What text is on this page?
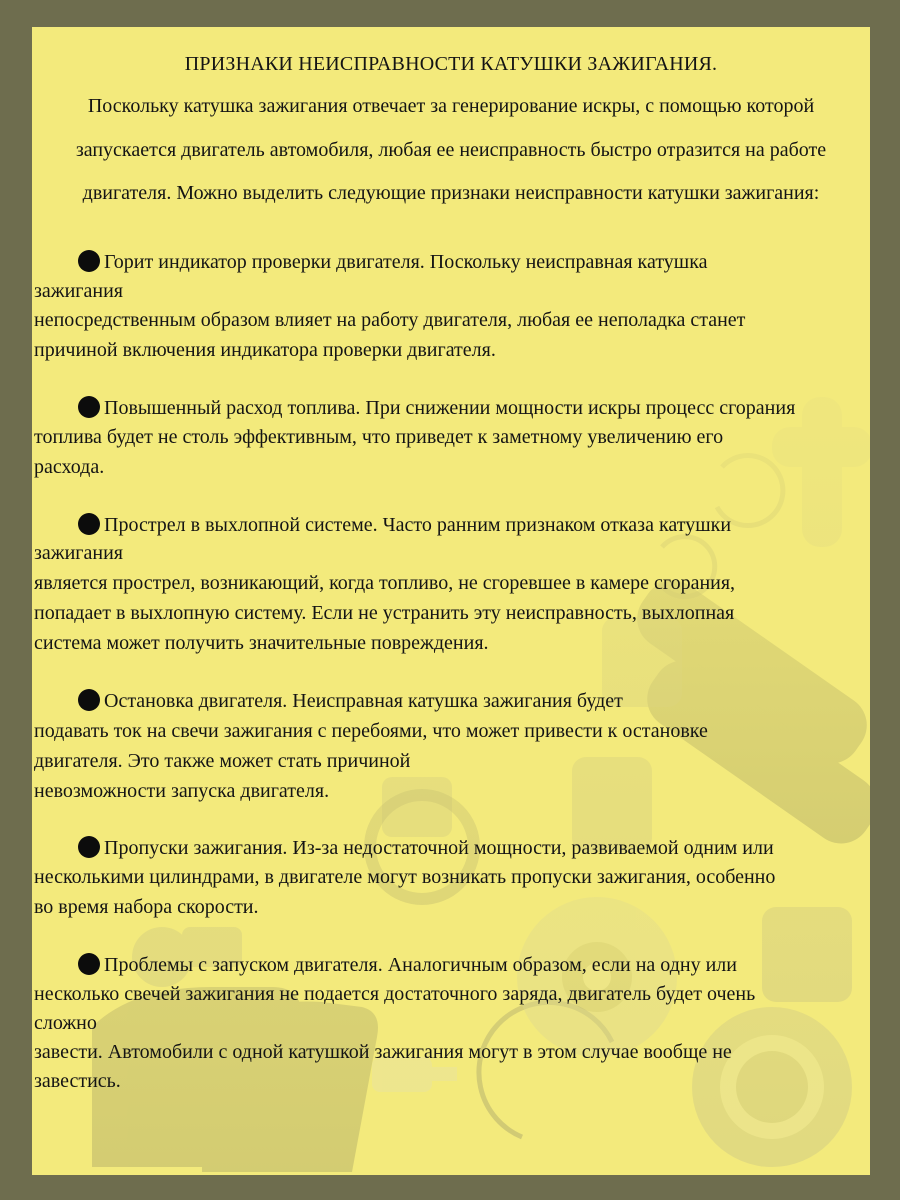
ПРИЗНАКИ НЕИСПРАВНОСТИ КАТУШКИ ЗАЖИГАНИЯ.
Поскольку катушка зажигания отвечает за генерирование искры, с помощью которой
запускается двигатель автомобиля, любая ее неисправность быстро отразится на работе
двигателя. Можно выделить следующие признаки неисправности катушки зажигания:
Горит индикатор проверки двигателя. Поскольку неисправная катушка
зажигания
непосредственным образом влияет на работу двигателя, любая ее неполадка станет
причиной включения индикатора проверки двигателя.
Повышенный расход топлива. При снижении мощности искры процесс сгорания
топлива будет не столь эффективным, что приведет к заметному увеличению его
расхода.
Прострел в выхлопной системе. Часто ранним признаком отказа катушки
зажигания
является прострел, возникающий, когда топливо, не сгоревшее в камере сгорания,
попадает в выхлопную систему. Если не устранить эту неисправность, выхлопная
система может получить значительные повреждения.
Остановка двигателя. Неисправная катушка зажигания будет
подавать ток на свечи зажигания с перебоями, что может привести к остановке
двигателя. Это также может стать причиной
невозможности запуска двигателя.
Пропуски зажигания. Из-за недостаточной мощности, развиваемой одним или
несколькими цилиндрами, в двигателе могут возникать пропуски зажигания, особенно
во время набора скорости.
Проблемы с запуском двигателя. Аналогичным образом, если на одну или
несколько свечей зажигания не подается достаточного заряда, двигатель будет очень
сложно
завести. Автомобили с одной катушкой зажигания могут в этом случае вообще не
завестись.
